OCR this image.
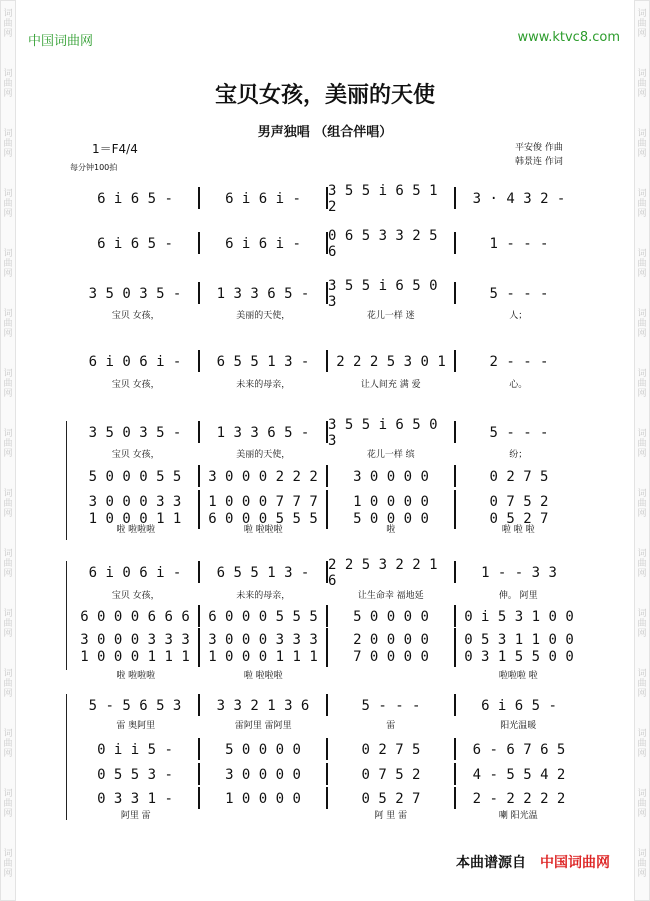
词
曲
网
词
曲
网
词
曲
网
词
曲
网
词
曲
网
词
曲
网
词
曲
网
词
曲
网
词
曲
网
词
曲
网
词
曲
网
词
曲
网
词
曲
网
词
曲
网
词
曲
网
词
曲
网
词
曲
网
词
曲
网
词
曲
网
词
曲
网
词
曲
网
词
曲
网
词
曲
网
词
曲
网
词
曲
网
词
曲
网
词
曲
网
词
曲
网
词
曲
网
词
曲
网
中国词曲网	www.ktvc8.com
宝贝女孩，美丽的天使
男声独唱 （组合伴唱）
1＝F4/4
每分钟100拍
平安俊 作曲
韩景连 作词
6 i 6 5 -	6 i 6 i -	3 5 5 i 6 5 1 2	3 · 4 3 2 -
6 i 6 5 -	6 i 6 i -	0 6 5 3 3 2 5 6	1 - - -
3 5 0 3 5 -	1 3 3 6 5 -	3 5 5 i 6 5 0 3	5 - - -
6 i 0 6 i -	6 5 5 1 3 -	2 2 2 5 3 0 1	2 - - -
3 5 0 3 5 -	1 3 3 6 5 -	3 5 5 i 6 5 0 3	5 - - -
5 0 0 0 5 5	3 0 0 0 2 2 2	3 0 0 0 0	0 2 7 5
3 0 0 0 3 3	1 0 0 0 7 7 7	1 0 0 0 0	0 7 5 2
1 0 0 0 1 1	6 0 0 0 5 5 5	5 0 0 0 0	0 5 2 7
6 i 0 6 i -	6 5 5 1 3 -	2 2 5 3 2 2 1 6	1 - - 3 3
6 0 0 0 6 6 6	6 0 0 0 5 5 5	5 0 0 0 0	0 i 5 3 1 0 0
3 0 0 0 3 3 3	3 0 0 0 3 3 3	2 0 0 0 0	0 5 3 1 1 0 0
1 0 0 0 1 1 1	1 0 0 0 1 1 1	7 0 0 0 0	0 3 1 5 5 0 0
5 - 5 6 5 3	3 3 2 1 3 6	5 - - -	6 i 6 5 -
0 i i 5 -	5 0 0 0 0	0 2 7 5	6 - 6 7 6 5
0 5 5 3 -	3 0 0 0 0	0 7 5 2	4 - 5 5 4 2
0 3 3 1 -	1 0 0 0 0	0 5 2 7	2 - 2 2 2 2
宝贝 女孩，	美丽的天使，	花儿一样 迷	人；
宝贝 女孩，	未来的母亲，	让人间充 满 爱	心。
宝贝 女孩，	美丽的天使，	花儿一样 缤	纷；
啦 啦啦啦	啦 啦啦啦	啦	啦 啦 啦
宝贝 女孩，	未来的母亲，	让生命幸 福地延	伸。 阿里
啦 啦啦啦	啦 啦啦啦	啦啦啦 啦
雷 奥阿里	雷阿里 雷阿里	雷	阳光温暖
阿里 雷	阿 里 雷	喇 阳光温
本曲谱源自 中国词曲网
